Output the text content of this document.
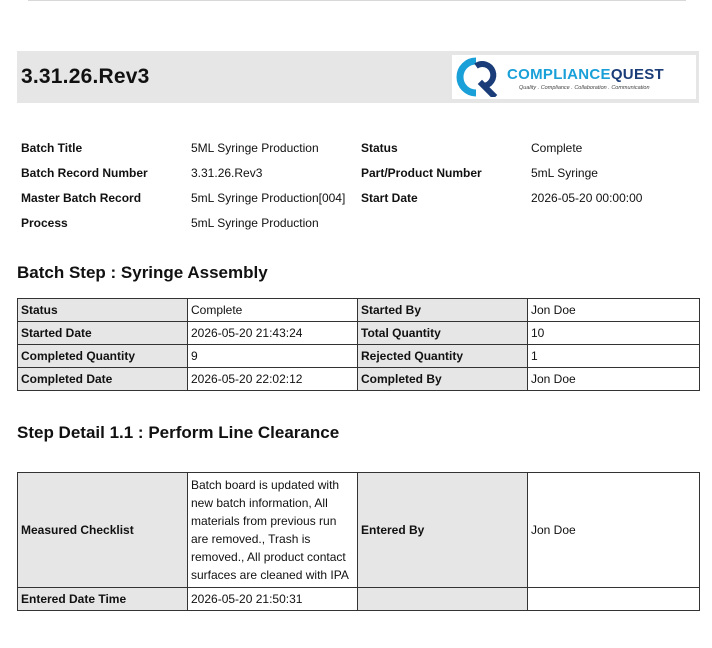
3.31.26.Rev3	COMPLIANCEQUEST
Quality . Compliance . Collaboration . Communication
Batch Title	5ML Syringe Production	Status	Complete
Batch Record Number	3.31.26.Rev3	Part/Product Number	5mL Syringe
Master Batch Record	5mL Syringe Production[004]	Start Date	2026-05-20 00:00:00
Process	5mL Syringe Production		
Batch Step : Syringe Assembly
Status	Complete	Started By	Jon Doe
Started Date	2026-05-20 21:43:24	Total Quantity	10
Completed Quantity	9	Rejected Quantity	1
Completed Date	2026-05-20 22:02:12	Completed By	Jon Doe
Step Detail 1.1 : Perform Line Clearance
Measured Checklist	Batch board is updated with new batch information, All materials from previous run are removed., Trash is removed., All product contact surfaces are cleaned with IPA	Entered By	Jon Doe
Entered Date Time	2026-05-20 21:50:31		
